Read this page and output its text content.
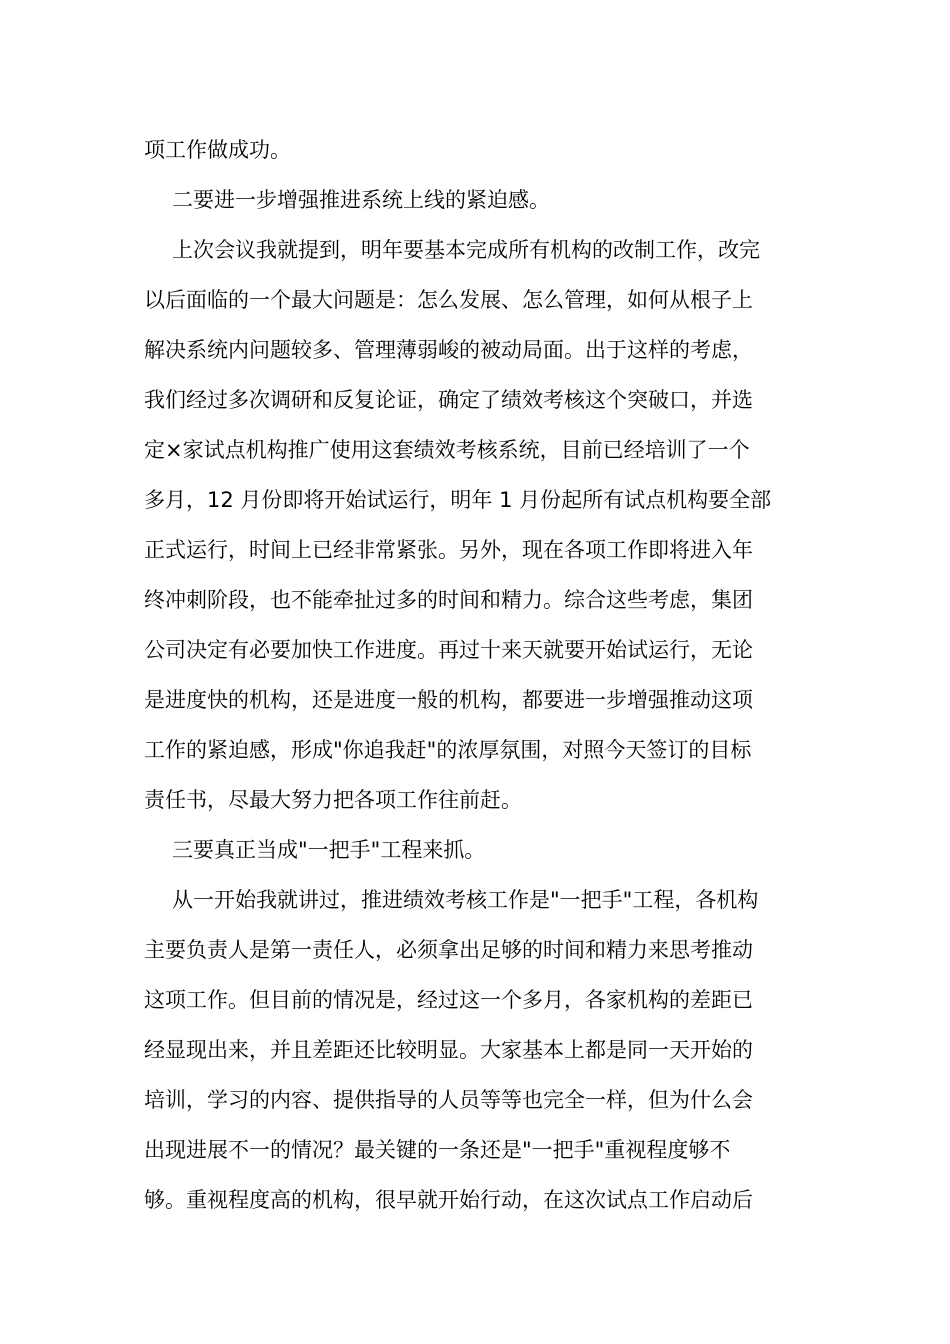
项工作做成功。
二要进一步增强推进系统上线的紧迫感。
上次会议我就提到，明年要基本完成所有机构的改制工作，改完
以后面临的一个最大问题是：怎么发展、怎么管理，如何从根子上
解决系统内问题较多、管理薄弱峻的被动局面。出于这样的考虑，
我们经过多次调研和反复论证，确定了绩效考核这个突破口，并选
定×家试点机构推广使用这套绩效考核系统，目前已经培训了一个
多月，12 月份即将开始试运行，明年 1 月份起所有试点机构要全部
正式运行，时间上已经非常紧张。另外，现在各项工作即将进入年
终冲刺阶段，也不能牵扯过多的时间和精力。综合这些考虑，集团
公司决定有必要加快工作进度。再过十来天就要开始试运行，无论
是进度快的机构，还是进度一般的机构，都要进一步增强推动这项
工作的紧迫感，形成"你追我赶"的浓厚氛围，对照今天签订的目标
责任书，尽最大努力把各项工作往前赶。
三要真正当成"一把手"工程来抓。
从一开始我就讲过，推进绩效考核工作是"一把手"工程，各机构
主要负责人是第一责任人，必须拿出足够的时间和精力来思考推动
这项工作。但目前的情况是，经过这一个多月，各家机构的差距已
经显现出来，并且差距还比较明显。大家基本上都是同一天开始的
培训，学习的内容、提供指导的人员等等也完全一样，但为什么会
出现进展不一的情况？最关键的一条还是"一把手"重视程度够不
够。重视程度高的机构，很早就开始行动，在这次试点工作启动后
